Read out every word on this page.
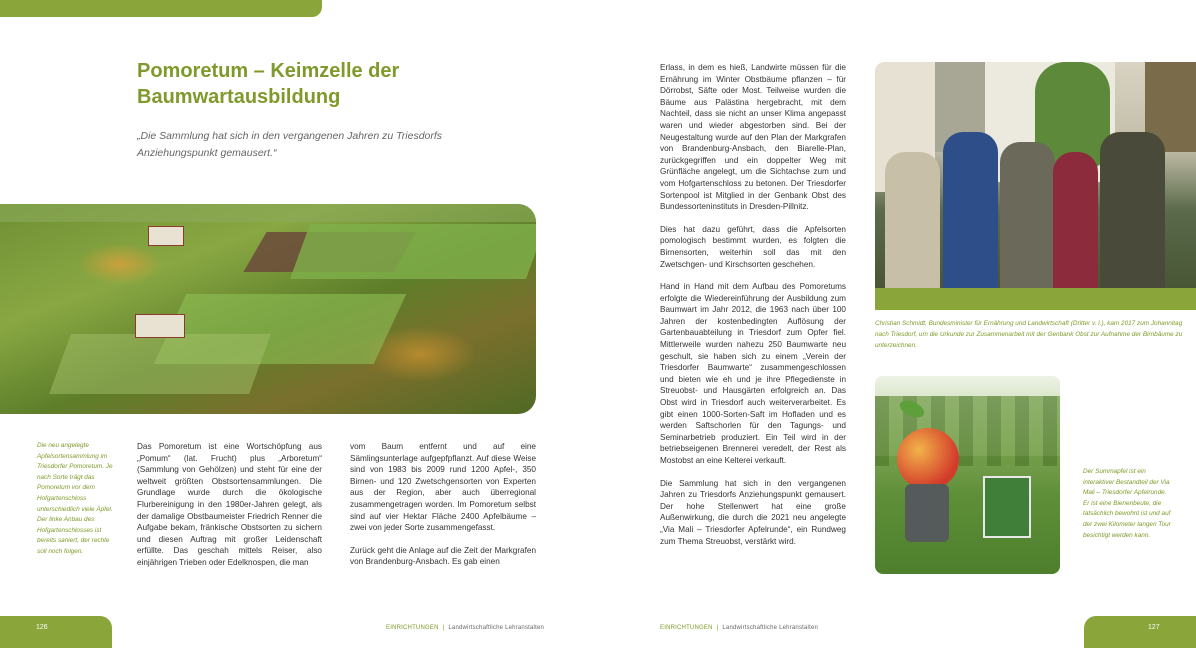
Pomoretum – Keimzelle der
Baumwartausbildung

„Die Sammlung hat sich in den vergangenen Jahren zu Triesdorfs Anziehungspunkt gemausert.“

Die neu angelegte Apfelsortensammlung im Triesdorfer Pomoretum. Je nach Sorte trägt das Pomoretum vor dem Hofgartenschloss unterschiedlich viele Äpfel. Der linke Anbau des Hofgartenschlosses ist bereits saniert, der rechte soll noch folgen.

Das Pomoretum ist eine Wortschöpfung aus „Pomum“ (lat. Frucht) plus „Arboretum“ (Sammlung von Gehölzen) und steht für eine der weltweit größten Obstsortensammlungen. Die Grundlage wurde durch die ökologische Flurbereinigung in den 1980er-Jahren gelegt, als der damalige Obstbaumeister Friedrich Renner die Aufgabe bekam, fränkische Obstsorten zu sichern und diesen Auftrag mit großer Leidenschaft erfüllte. Das geschah mittels Reiser, also einjährigen Trieben oder Edelknospen, die man

vom Baum entfernt und auf eine Sämlingsunterlage aufgepfpflanzt. Auf diese Weise sind von 1983 bis 2009 rund 1200 Apfel-, 350 Birnen- und 120 Zwetschgensorten von Experten aus der Region, aber auch überregional zusammengetragen worden. Im Pomoretum selbst sind auf vier Hektar Fläche 2400 Apfelbäume – zwei von jeder Sorte zusammengefasst.

Zurück geht die Anlage auf die Zeit der Markgrafen von Brandenburg-Ansbach. Es gab einen

Erlass, in dem es hieß, Landwirte müssen für die Ernährung im Winter Obstbäume pflanzen – für Dörrobst, Säfte oder Most. Teilweise wurden die Bäume aus Palästina hergebracht, mit dem Nachteil, dass sie nicht an unser Klima angepasst waren und wieder abgestorben sind. Bei der Neugestaltung wurde auf den Plan der Markgrafen von Brandenburg-Ansbach, den Biarelle-Plan, zurückgegriffen und ein doppelter Weg mit Grünfläche angelegt, um die Sichtachse zum und vom Hofgartenschloss zu betonen. Der Triesdorfer Sortenpool ist Mitglied in der Genbank Obst des Bundessorteninstituts in Dresden-Pillnitz.

Dies hat dazu geführt, dass die Apfelsorten pomologisch bestimmt wurden, es folgten die Birnensorten, weiterhin soll das mit den Zwetschgen- und Kirschsorten geschehen.

Hand in Hand mit dem Aufbau des Pomoretums erfolgte die Wiedereinführung der Ausbildung zum Baumwart im Jahr 2012, die 1963 nach über 100 Jahren der kostenbedingten Auflösung der Gartenbauabteilung in Triesdorf zum Opfer fiel. Mittlerweile wurden nahezu 250 Baumwarte neu geschult, sie haben sich zu einem „Verein der Triesdorfer Baumwarte“ zusammengeschlossen und bieten wie eh und je ihre Pflegedienste in Streuobst- und Hausgärten erfolgreich an. Das Obst wird in Triesdorf auch weiterverarbeitet. Es gibt einen 1000-Sorten-Saft im Hofladen und es werden Saftschorlen für den Tagungs- und Seminarbetrieb produziert. Ein Teil wird in der betriebseigenen Brennerei veredelt, der Rest als Mostobst an eine Kelterei verkauft.

Die Sammlung hat sich in den vergangenen Jahren zu Triesdorfs Anziehungspunkt gemausert. Der hohe Stellenwert hat eine große Außenwirkung, die durch die 2021 neu angelegte „Via Mali – Triesdorfer Apfelrunde“, ein Rundweg zum Thema Streuobst, verstärkt wird.

Christian Schmidt, Bundesminister für Ernährung und Landwirtschaft (Dritter v. l.), kam 2017 zum Johannitag nach Triesdorf, um die Urkunde zur Zusammenarbeit mit der Genbank Obst zur Aufnahme der Birnbäume zu unterzeichnen.

Der Summapfel ist ein interaktiver Bestandteil der Via Mali – Triesdorfer Apfelrunde. Er ist eine Bienenbeute, die tatsächlich bewohnt ist und auf der zwei Kilometer langen Tour besichtigt werden kann.

126	EINRICHTUNGEN | Landwirtschaftliche Lehranstalten	EINRICHTUNGEN | Landwirtschaftliche Lehranstalten	127
